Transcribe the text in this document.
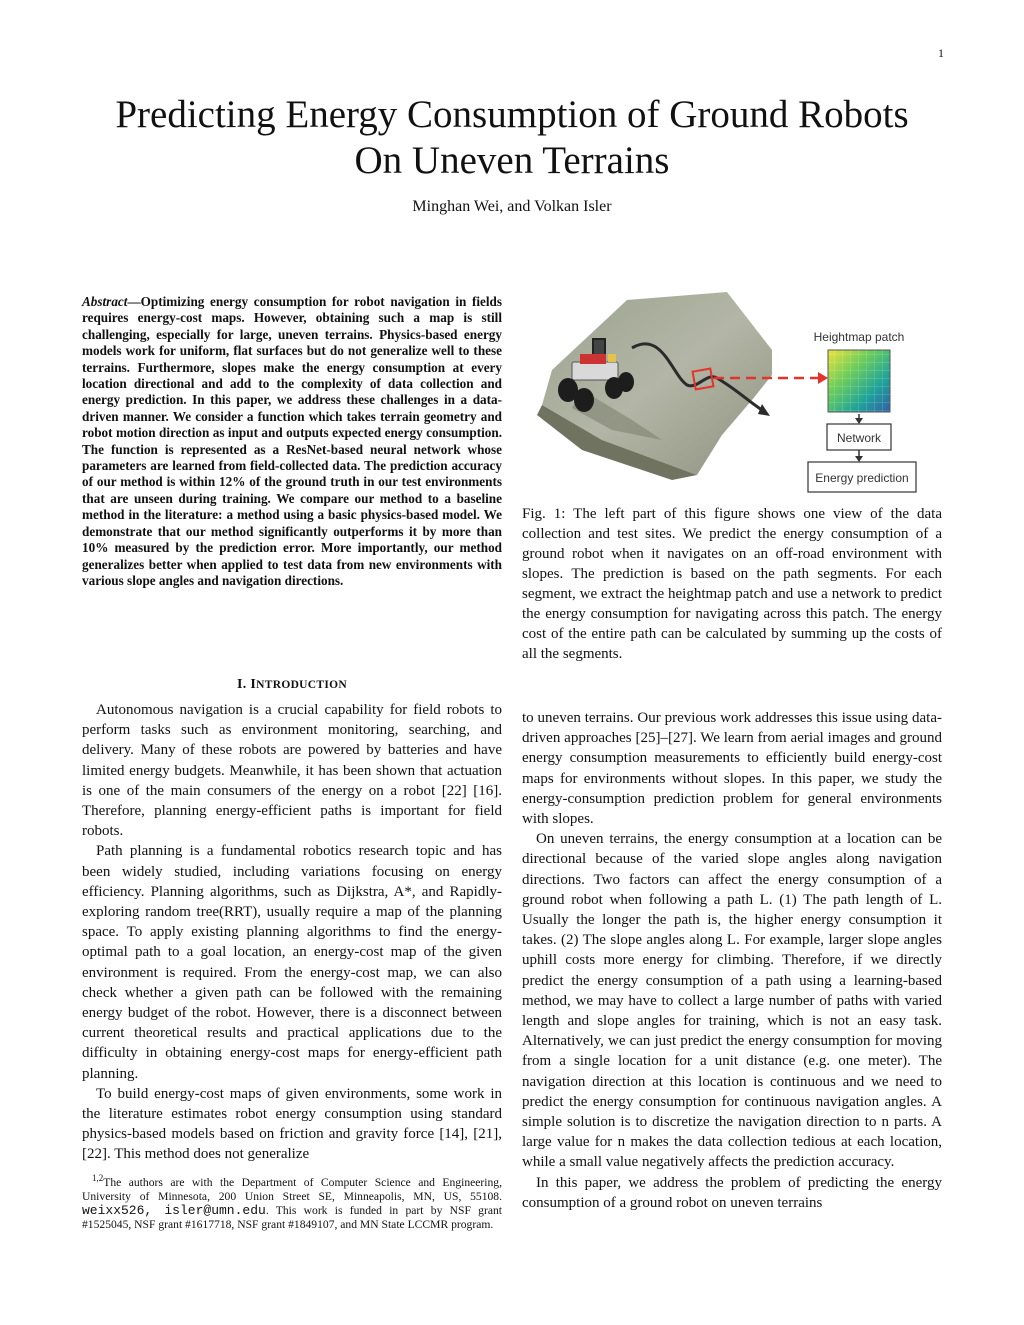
1
Predicting Energy Consumption of Ground Robots
On Uneven Terrains
Minghan Wei, and Volkan Isler

Abstract—Optimizing energy consumption for robot navigation in fields requires energy-cost maps. However, obtaining such a map is still challenging, especially for large, uneven terrains. Physics-based energy models work for uniform, flat surfaces but do not generalize well to these terrains. Furthermore, slopes make the energy consumption at every location directional and add to the complexity of data collection and energy prediction. In this paper, we address these challenges in a data-driven manner. We consider a function which takes terrain geometry and robot motion direction as input and outputs expected energy consumption. The function is represented as a ResNet-based neural network whose parameters are learned from field-collected data. The prediction accuracy of our method is within 12% of the ground truth in our test environments that are unseen during training. We compare our method to a baseline method in the literature: a method using a basic physics-based model. We demonstrate that our method significantly outperforms it by more than 10% measured by the prediction error. More importantly, our method generalizes better when applied to test data from new environments with various slope angles and navigation directions.

I. INTRODUCTION

Autonomous navigation is a crucial capability for field robots to perform tasks such as environment monitoring, searching, and delivery. Many of these robots are powered by batteries and have limited energy budgets. Meanwhile, it has been shown that actuation is one of the main consumers of the energy on a robot [22] [16]. Therefore, planning energy-efficient paths is important for field robots.

Path planning is a fundamental robotics research topic and has been widely studied, including variations focusing on energy efficiency. Planning algorithms, such as Dijkstra, A*, and Rapidly-exploring random tree(RRT), usually require a map of the planning space. To apply existing planning algorithms to find the energy-optimal path to a goal location, an energy-cost map of the given environment is required. From the energy-cost map, we can also check whether a given path can be followed with the remaining energy budget of the robot. However, there is a disconnect between current theoretical results and practical applications due to the difficulty in obtaining energy-cost maps for energy-efficient path planning.

To build energy-cost maps of given environments, some work in the literature estimates robot energy consumption using standard physics-based models based on friction and gravity force [14], [21], [22]. This method does not generalize

$^{1,2}$The authors are with the Department of Computer Science and Engineering, University of Minnesota, 200 Union Street SE, Minneapolis, MN, US, 55108. weixx526, isler@umn.edu. This work is funded in part by NSF grant #1525045, NSF grant #1617718, NSF grant #1849107, and MN State LCCMR program.

Heightmap patch
Network
Energy prediction

Fig. 1: The left part of this figure shows one view of the data collection and test sites. We predict the energy consumption of a ground robot when it navigates on an off-road environment with slopes. The prediction is based on the path segments. For each segment, we extract the heightmap patch and use a network to predict the energy consumption for navigating across this patch. The energy cost of the entire path can be calculated by summing up the costs of all the segments.

to uneven terrains. Our previous work addresses this issue using data-driven approaches [25]–[27]. We learn from aerial images and ground energy consumption measurements to efficiently build energy-cost maps for environments without slopes. In this paper, we study the energy-consumption prediction problem for general environments with slopes.

On uneven terrains, the energy consumption at a location can be directional because of the varied slope angles along navigation directions. Two factors can affect the energy consumption of a ground robot when following a path L. (1) The path length of L. Usually the longer the path is, the higher energy consumption it takes. (2) The slope angles along L. For example, larger slope angles uphill costs more energy for climbing. Therefore, if we directly predict the energy consumption of a path using a learning-based method, we may have to collect a large number of paths with varied length and slope angles for training, which is not an easy task. Alternatively, we can just predict the energy consumption for moving from a single location for a unit distance (e.g. one meter). The navigation direction at this location is continuous and we need to predict the energy consumption for continuous navigation angles. A simple solution is to discretize the navigation direction to n parts. A large value for n makes the data collection tedious at each location, while a small value negatively affects the prediction accuracy.

In this paper, we address the problem of predicting the energy consumption of a ground robot on uneven terrains
